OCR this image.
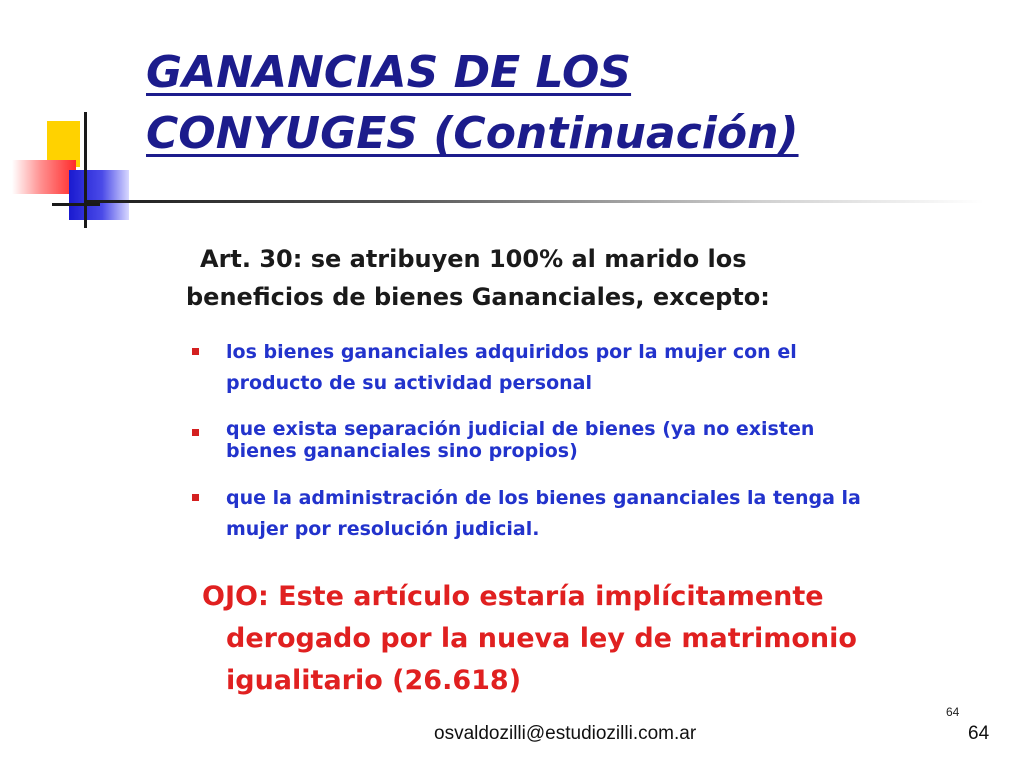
GANANCIAS DE LOS
CONYUGES (Continuación)
Art. 30: se atribuyen 100% al marido los
beneficios de bienes Gananciales, excepto:
los bienes gananciales adquiridos por la mujer con el
producto de su actividad personal
que exista separación judicial de bienes (ya no existen
bienes gananciales sino propios)
que la administración de los bienes gananciales la tenga la
mujer por resolución judicial.
OJO: Este artículo estaría implícitamente
derogado por la nueva ley de matrimonio
igualitario (26.618)
64
osvaldozilli@estudiozilli.com.ar	64
